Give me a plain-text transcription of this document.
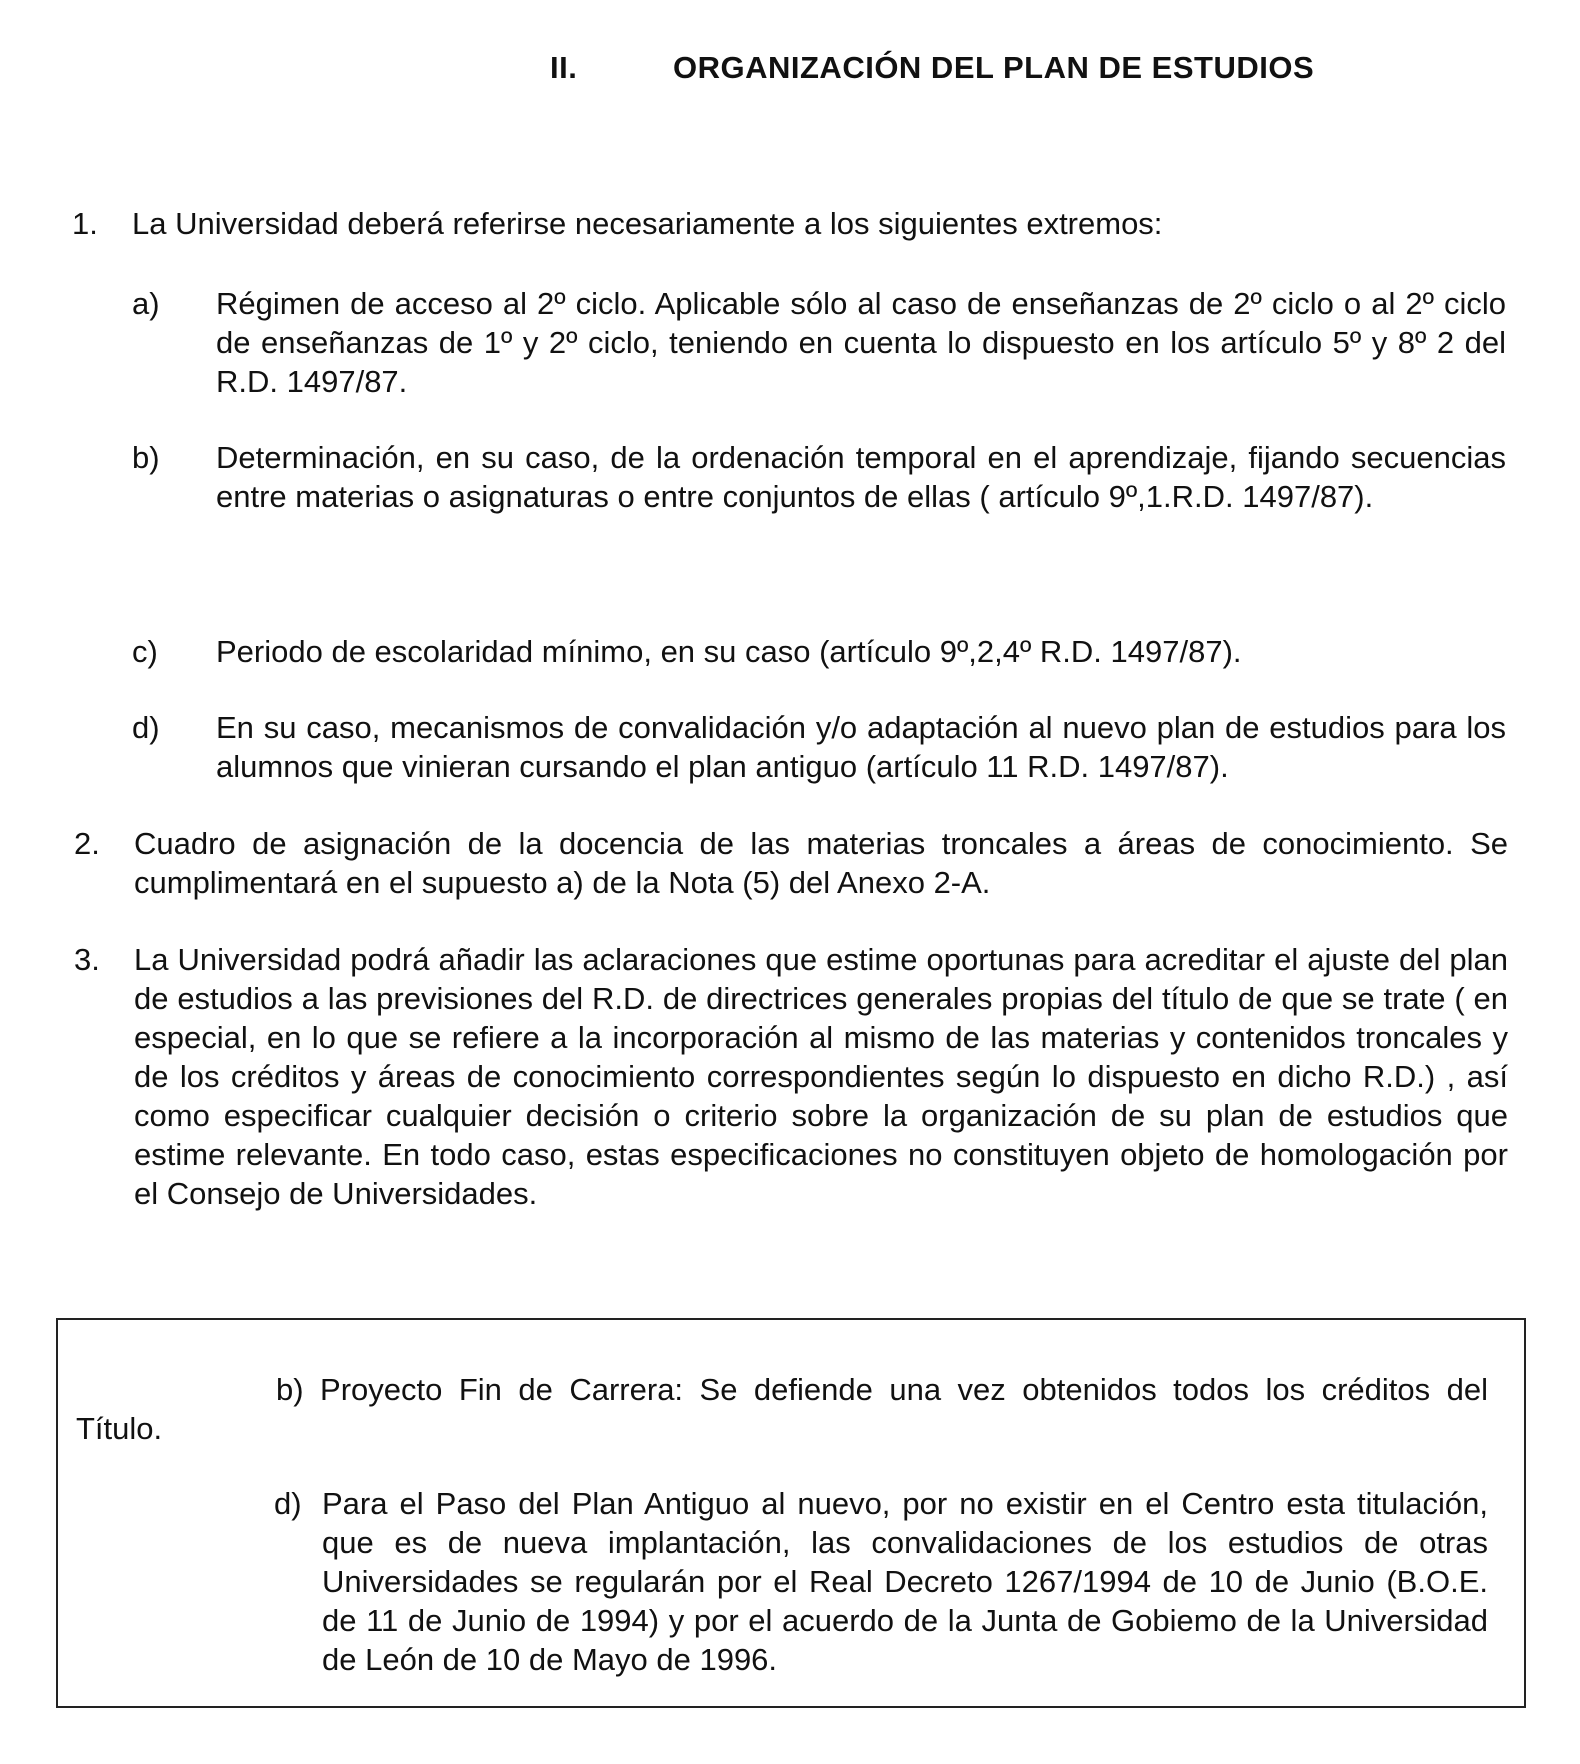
II.	ORGANIZACIÓN DEL PLAN DE ESTUDIOS
1. La Universidad deberá referirse necesariamente a los siguientes extremos:
a) Régimen de acceso al 2º ciclo. Aplicable sólo al caso de enseñanzas de 2º ciclo o al 2º ciclo de enseñanzas de 1º y 2º ciclo, teniendo en cuenta lo dispuesto en los artículo 5º y 8º 2 del R.D. 1497/87.
b) Determinación, en su caso, de la ordenación temporal en el aprendizaje, fijando secuencias entre materias o asignaturas o entre conjuntos de ellas ( artículo 9º,1.R.D. 1497/87).
c) Periodo de escolaridad mínimo, en su caso (artículo 9º,2,4º R.D. 1497/87).
d) En su caso, mecanismos de convalidación y/o adaptación al nuevo plan de estudios para los alumnos que vinieran cursando el plan antiguo (artículo 11 R.D. 1497/87).
2. Cuadro de asignación de la docencia de las materias troncales a áreas de conocimiento. Se cumplimentará en el supuesto a) de la Nota (5) del Anexo 2-A.
3. La Universidad podrá añadir las aclaraciones que estime oportunas para acreditar el ajuste del plan de estudios a las previsiones del R.D. de directrices generales propias del título de que se trate ( en especial, en lo que se refiere a la incorporación al mismo de las materias y contenidos troncales y de los créditos y áreas de conocimiento correspondientes según lo dispuesto en dicho R.D.) , así como especificar cualquier decisión o criterio sobre la organización de su plan de estudios que estime relevante. En todo caso, estas especificaciones no constituyen objeto de homologación por el Consejo de Universidades.
b) Proyecto Fin de Carrera: Se defiende una vez obtenidos todos los créditos del
Título.
d) Para el Paso del Plan Antiguo al nuevo, por no existir en el Centro esta titulación, que es de nueva implantación, las convalidaciones de los estudios de otras Universidades se regularán por el Real Decreto 1267/1994 de 10 de Junio (B.O.E. de 11 de Junio de 1994) y por el acuerdo de la Junta de Gobiemo de la Universidad de León de 10 de Mayo de 1996.
